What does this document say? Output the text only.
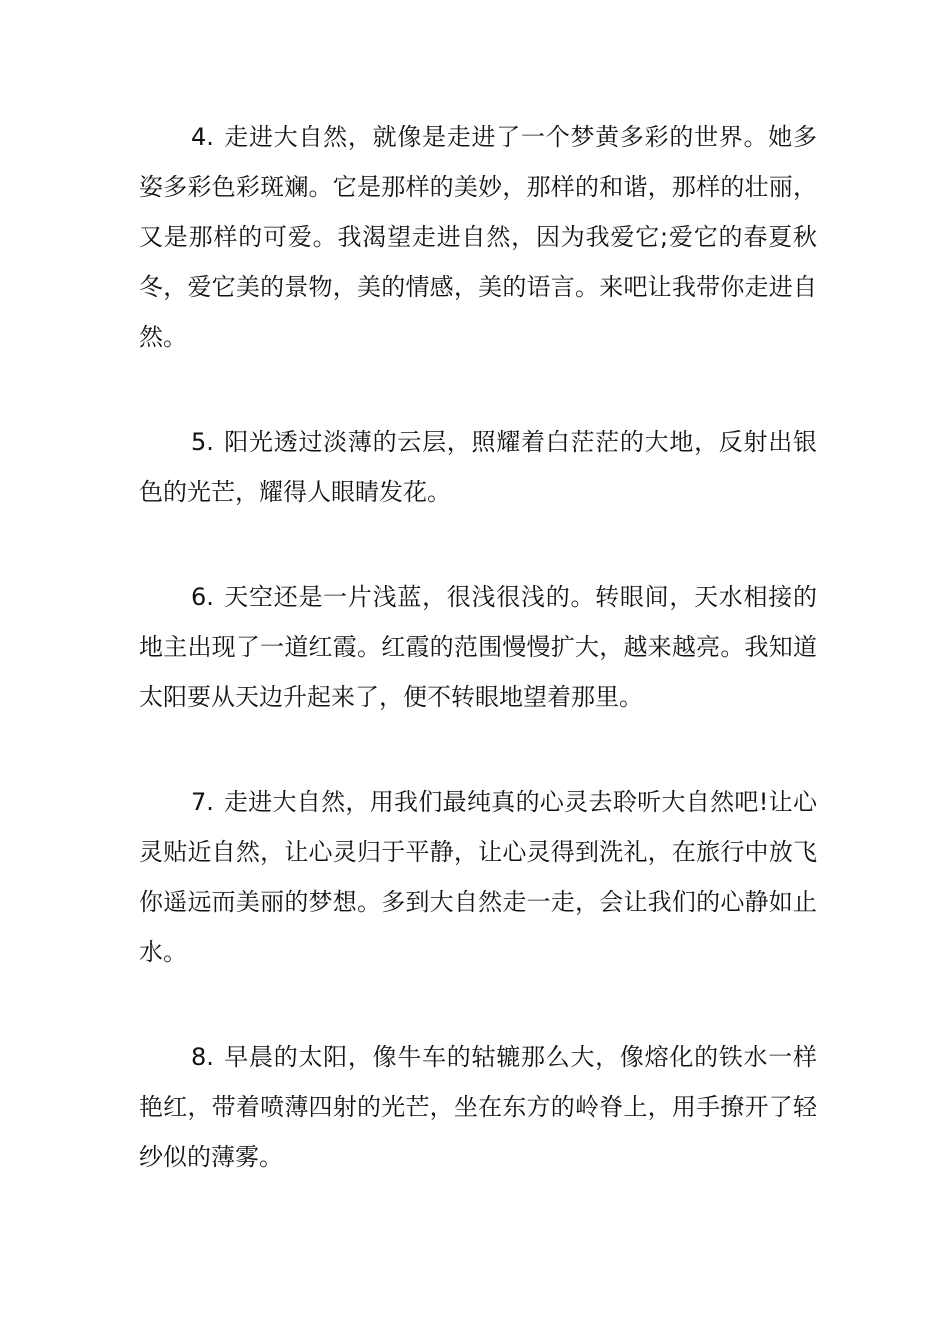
4. 走进大自然，就像是走进了一个梦黄多彩的世界。她多姿多彩色彩斑斓。它是那样的美妙，那样的和谐，那样的壮丽，又是那样的可爱。我渴望走进自然，因为我爱它;爱它的春夏秋冬，爱它美的景物，美的情感，美的语言。来吧让我带你走进自然。

5. 阳光透过淡薄的云层，照耀着白茫茫的大地，反射出银色的光芒，耀得人眼睛发花。

6. 天空还是一片浅蓝，很浅很浅的。转眼间，天水相接的地主出现了一道红霞。红霞的范围慢慢扩大，越来越亮。我知道太阳要从天边升起来了，便不转眼地望着那里。

7. 走进大自然，用我们最纯真的心灵去聆听大自然吧!让心灵贴近自然，让心灵归于平静，让心灵得到洗礼，在旅行中放飞你遥远而美丽的梦想。多到大自然走一走，会让我们的心静如止水。

8. 早晨的太阳，像牛车的轱辘那么大，像熔化的铁水一样艳红，带着喷薄四射的光芒，坐在东方的岭脊上，用手撩开了轻纱似的薄雾。
